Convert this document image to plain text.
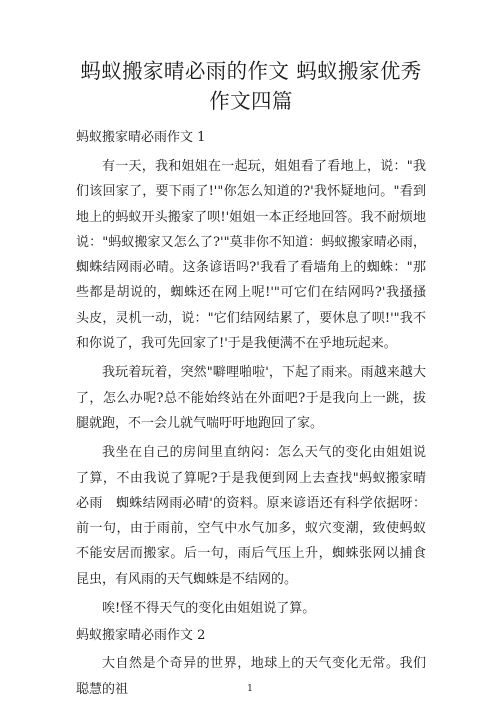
蚂蚁搬家晴必雨的作文 蚂蚁搬家优秀作文四篇
蚂蚁搬家晴必雨作文 1

有一天，我和姐姐在一起玩，姐姐看了看地上，说："我们该回家了，要下雨了!'"你怎么知道的?'我怀疑地问。"看到地上的蚂蚁开头搬家了呗!'姐姐一本正经地回答。我不耐烦地说："蚂蚁搬家又怎么了?'"莫非你不知道：蚂蚁搬家晴必雨，蜘蛛结网雨必晴。这条谚语吗?'我看了看墙角上的蜘蛛："那些都是胡说的，蜘蛛还在网上呢!'"可它们在结网吗?'我搔搔头皮，灵机一动，说："它们结网结累了，要休息了呗!'"我不和你说了，我可先回家了!'于是我便满不在乎地玩起来。

我玩着玩着，突然"噼哩啪啦'，下起了雨来。雨越来越大了，怎么办呢?总不能始终站在外面吧?于是我向上一跳，拔腿就跑，不一会儿就气喘吁吁地跑回了家。

我坐在自己的房间里直纳闷：怎么天气的变化由姐姐说了算，不由我说了算呢?于是我便到网上去查找"蚂蚁搬家晴必雨　蜘蛛结网雨必晴'的资料。原来谚语还有科学依据呀：前一句，由于雨前，空气中水气加多，蚁穴变潮，致使蚂蚁不能安居而搬家。后一句，雨后气压上升，蜘蛛张网以捕食昆虫，有风雨的天气蜘蛛是不结网的。

唉!怪不得天气的变化由姐姐说了算。

蚂蚁搬家晴必雨作文 2

大自然是个奇异的世界，地球上的天气变化无常。我们聪慧的祖	1
